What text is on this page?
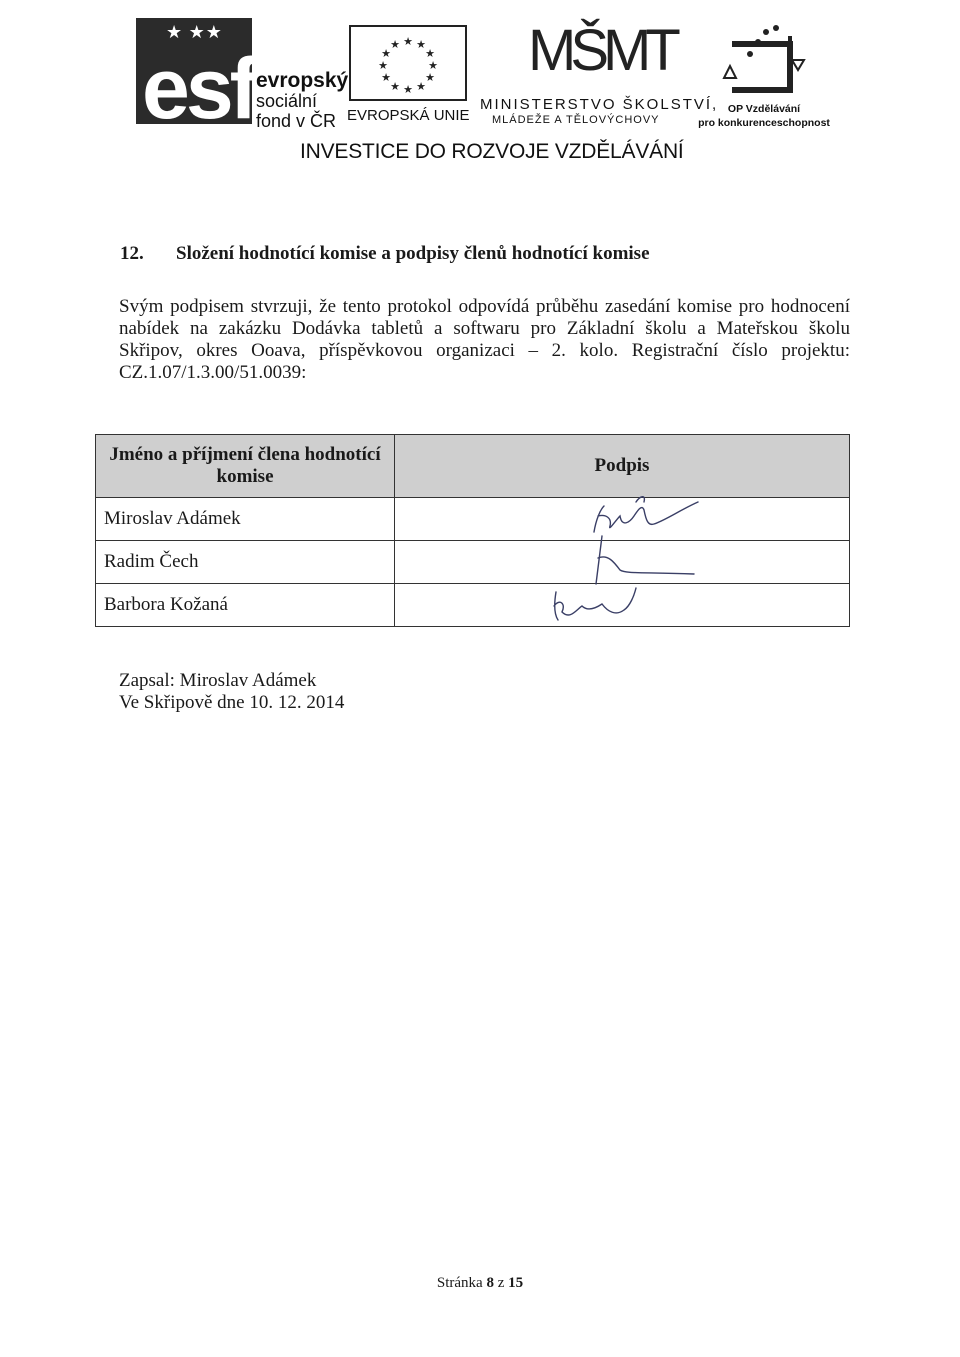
★ ★★
esf evropský
sociální
fond v ČR
★ ★
★
★
★
★
★
★
★
★
★
★
EVROPSKÁ UNIE
MŠMT
MINISTERSTVO ŠKOLSTVÍ,
MLÁDEŽE A TĚLOVÝCHOVY
OP Vzdělávání
pro konkurenceschopnost
INVESTICE DO ROZVOJE VZDĚLÁVÁNÍ
12. Složení hodnotící komise a podpisy členů hodnotící komise
Svým podpisem stvrzuji, že tento protokol odpovídá průběhu zasedání komise pro hodnocení
nabídek na zakázku Dodávka tabletů a softwaru pro Základní školu a Mateřskou školu
Skřipov, okres Ooava, příspěvkovou organizaci – 2. kolo. Registrační číslo projektu:
CZ.1.07/1.3.00/51.0039:
Jméno a příjmení člena hodnotící komise	Podpis
Miroslav Adámek	
Radim Čech	
Barbora Kožaná	
Zapsal: Miroslav Adámek
Ve Skřipově dne 10. 12. 2014
Stránka 8 z 15
